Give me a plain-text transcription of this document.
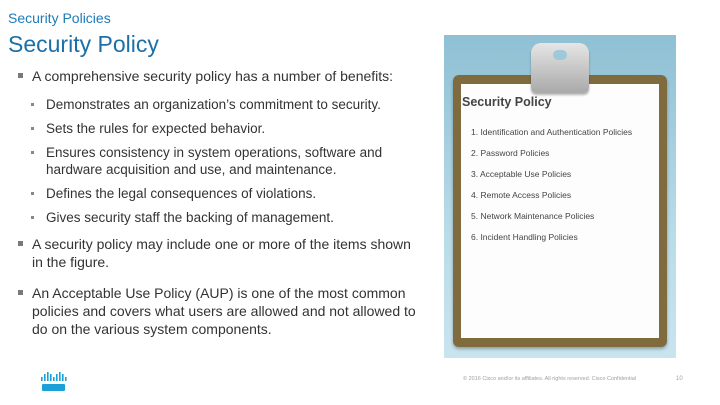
Security Policies
Security Policy
A comprehensive security policy has a number of benefits:
Demonstrates an organization’s commitment to security.
Sets the rules for expected behavior.
Ensures consistency in system operations, software and hardware acquisition and use, and maintenance.
Defines the legal consequences of violations.
Gives security staff the backing of management.
A security policy may include one or more of the items shown in the figure.
An Acceptable Use Policy (AUP) is one of the most common policies and covers what users are allowed and not allowed to do on the various system components.
Security Policy
1. Identification and Authentication Policies
2. Password Policies
3. Acceptable Use Policies
4. Remote Access Policies
5. Network Maintenance Policies
6. Incident Handling Policies
© 2016 Cisco and/or its affiliates. All rights reserved. Cisco Confidential	10
